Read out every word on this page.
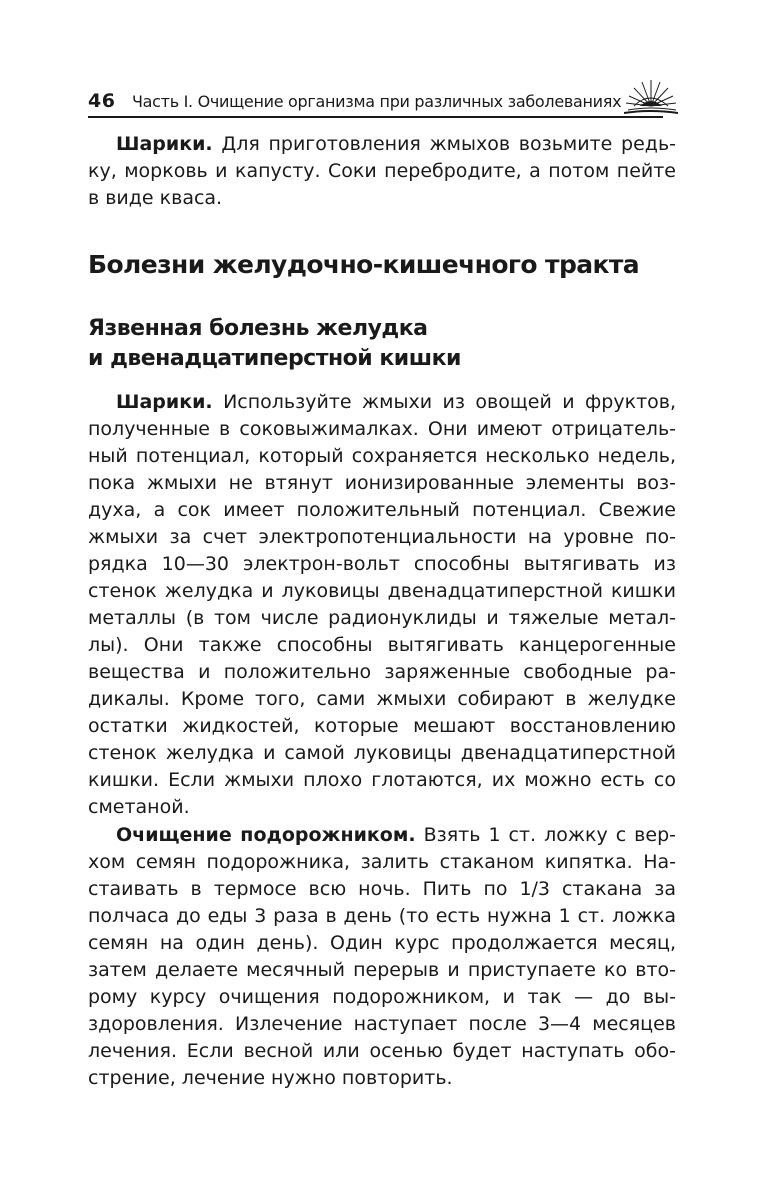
46 Часть I. Очищение организма при различных заболеваниях

Шарики. Для приготовления жмыхов возьмите редь-
ку, морковь и капусту. Соки перебродите, а потом пейте
в виде кваса.

Болезни желудочно-кишечного тракта
Язвенная болезнь желудка
и двенадцатиперстной кишки

Шарики. Используйте жмыхи из овощей и фруктов,
полученные в соковыжималках. Они имеют отрицатель-
ный потенциал, который сохраняется несколько недель,
пока жмыхи не втянут ионизированные элементы воз-
духа, а сок имеет положительный потенциал. Свежие
жмыхи за счет электропотенциальности на уровне по-
рядка 10—30 электрон-вольт способны вытягивать из
стенок желудка и луковицы двенадцатиперстной кишки
металлы (в том числе радионуклиды и тяжелые метал-
лы). Они также способны вытягивать канцерогенные
вещества и положительно заряженные свободные ра-
дикалы. Кроме того, сами жмыхи собирают в желудке
остатки жидкостей, которые мешают восстановлению
стенок желудка и самой луковицы двенадцатиперстной
кишки. Если жмыхи плохо глотаются, их можно есть со
сметаной.

Очищение подорожником. Взять 1 ст. ложку с вер-
хом семян подорожника, залить стаканом кипятка. На-
стаивать в термосе всю ночь. Пить по 1/3 стакана за
полчаса до еды 3 раза в день (то есть нужна 1 ст. ложка
семян на один день). Один курс продолжается месяц,
затем делаете месячный перерыв и приступаете ко вто-
рому курсу очищения подорожником, и так — до вы-
здоровления. Излечение наступает после 3—4 месяцев
лечения. Если весной или осенью будет наступать обо-
стрение, лечение нужно повторить.
